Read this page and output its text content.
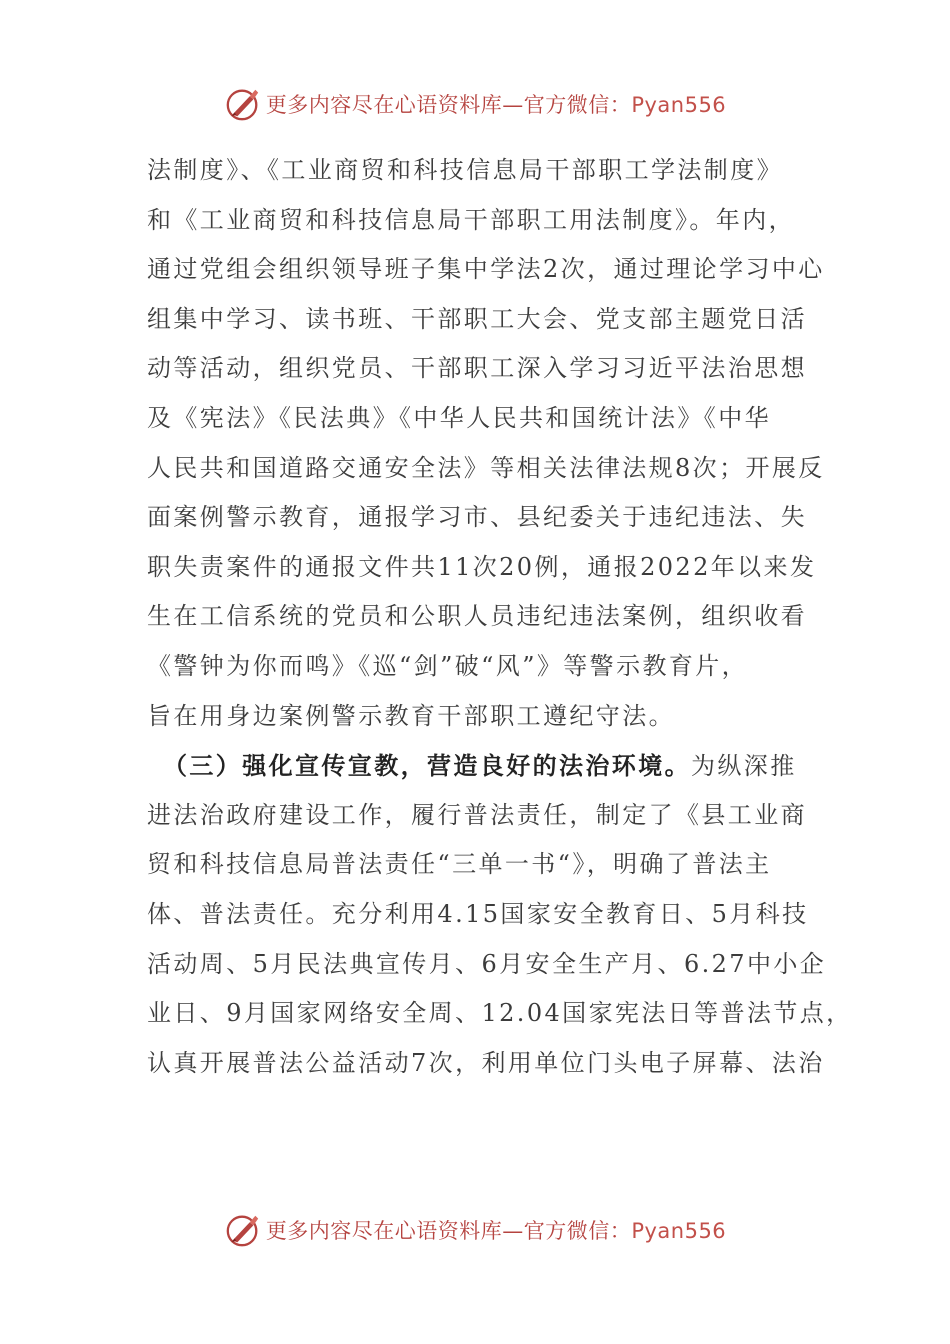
更多内容尽在心语资料库—官方微信：Pyan556
法制度》、《工业商贸和科技信息局干部职工学法制度》
和《工业商贸和科技信息局干部职工用法制度》。年内，
通过党组会组织领导班子集中学法2次，通过理论学习中心
组集中学习、读书班、干部职工大会、党支部主题党日活
动等活动，组织党员、干部职工深入学习习近平法治思想
及《宪法》《民法典》《中华人民共和国统计法》《中华
人民共和国道路交通安全法》等相关法律法规8次；开展反
面案例警示教育，通报学习市、县纪委关于违纪违法、失
职失责案件的通报文件共11次20例，通报2022年以来发
生在工信系统的党员和公职人员违纪违法案例，组织收看
《警钟为你而鸣》《巡“剑”破“风”》等警示教育片，
旨在用身边案例警示教育干部职工遵纪守法。
（三）强化宣传宣教，营造良好的法治环境。为纵深推
进法治政府建设工作，履行普法责任，制定了《县工业商
贸和科技信息局普法责任“三单一书“》，明确了普法主
体、普法责任。充分利用4.15国家安全教育日、5月科技
活动周、5月民法典宣传月、6月安全生产月、6.27中小企
业日、9月国家网络安全周、12.04国家宪法日等普法节点，
认真开展普法公益活动7次，利用单位门头电子屏幕、法治
更多内容尽在心语资料库—官方微信：Pyan556
